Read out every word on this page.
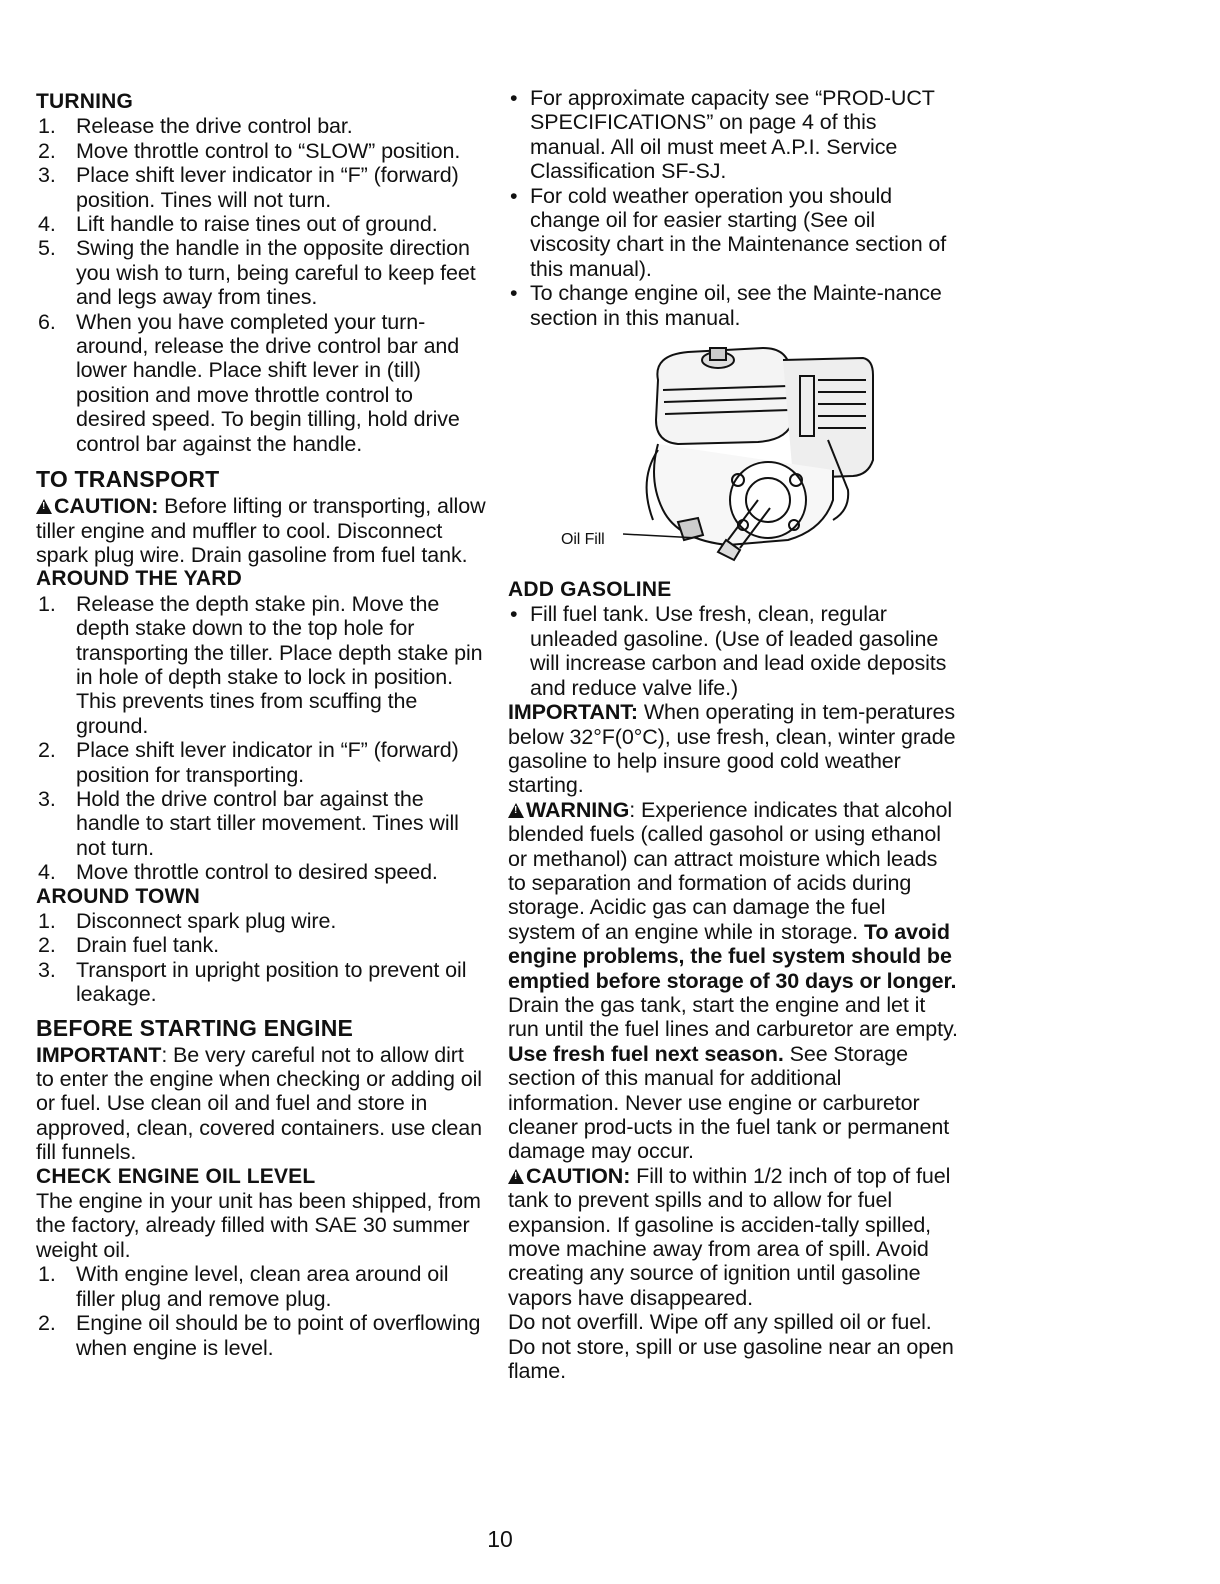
TURNING
1. Release the drive control bar.
2. Move throttle control to “SLOW” position.
3. Place shift lever indicator in “F” (forward) position. Tines will not turn.
4. Lift handle to raise tines out of ground.
5. Swing the handle in the opposite direction you wish to turn, being careful to keep feet and legs away from tines.
6. When you have completed your turn-around, release the drive control bar and lower handle. Place shift lever in (till) position and move throttle control to desired speed. To begin tilling, hold drive control bar against the handle.
TO TRANSPORT

!CAUTION: Before lifting or transporting, allow tiller engine and muffler to cool. Disconnect spark plug wire. Drain gasoline from fuel tank.

AROUND THE YARD
1. Release the depth stake pin. Move the depth stake down to the top hole for transporting the tiller. Place depth stake pin in hole of depth stake to lock in position. This prevents tines from scuffing the ground.
2. Place shift lever indicator in “F” (forward) position for transporting.
3. Hold the drive control bar against the handle to start tiller movement. Tines will not turn.
4. Move throttle control to desired speed.
AROUND TOWN
1. Disconnect spark plug wire.
2. Drain fuel tank.
3. Transport in upright position to prevent oil leakage.
BEFORE STARTING ENGINE

IMPORTANT: Be very careful not to allow dirt to enter the engine when checking or adding oil or fuel. Use clean oil and fuel and store in approved, clean, covered containers. use clean fill funnels.

CHECK ENGINE OIL LEVEL

The engine in your unit has been shipped, from the factory, already filled with SAE 30 summer weight oil.

1. With engine level, clean area around oil filler plug and remove plug.
2. Engine oil should be to point of overflowing when engine is level.
• For approximate capacity see “PROD-UCT SPECIFICATIONS” on page 4 of this manual. All oil must meet A.P.I. Service Classification SF-SJ.
• For cold weather operation you should change oil for easier starting (See oil viscosity chart in the Maintenance section of this manual).
• To change engine oil, see the Mainte-nance section in this manual.
Oil Fill
ADD GASOLINE
• Fill fuel tank. Use fresh, clean, regular unleaded gasoline. (Use of leaded gasoline will increase carbon and lead oxide deposits and reduce valve life.)

IMPORTANT: When operating in tem-peratures below 32°F(0°C), use fresh, clean, winter grade gasoline to help insure good cold weather starting.

!WARNING: Experience indicates that alcohol blended fuels (called gasohol or using ethanol or methanol) can attract moisture which leads to separation and formation of acids during storage. Acidic gas can damage the fuel system of an engine while in storage. To avoid engine problems, the fuel system should be emptied before storage of 30 days or longer. Drain the gas tank, start the engine and let it run until the fuel lines and carburetor are empty. Use fresh fuel next season. See Storage section of this manual for additional information. Never use engine or carburetor cleaner prod-ucts in the fuel tank or permanent damage may occur.

!CAUTION: Fill to within 1/2 inch of top of fuel tank to prevent spills and to allow for fuel expansion. If gasoline is acciden-tally spilled, move machine away from area of spill. Avoid creating any source of ignition until gasoline vapors have disappeared.

Do not overfill. Wipe off any spilled oil or fuel. Do not store, spill or use gasoline near an open flame.

10
